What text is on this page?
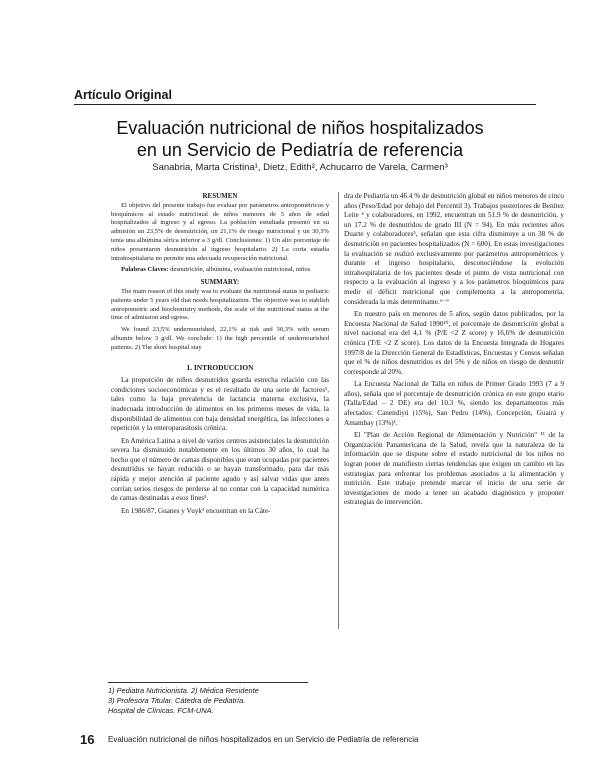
Artículo Original
Evaluación nutricional de niños hospitalizados
en un Servicio de Pediatría de referencia
Sanabria, Marta Cristina¹, Dietz, Edith², Achucarro de Varela, Carmen³

RESUMEN

El objetivo del presente trabajo fue evaluar por parámetros antropométricos y bioquímicos al estado nutricional de niños menores de 5 años de edad hospitalizados al ingreso y al egreso. La población estudiada presentó en su admisión un 23,5% de desnutrición, un 21,1% de riesgo nutricional y un 30,3% tenía una albúmina sérica inferior a 3 g/dl. Conclusiones: 1) Un alto porcentaje de niños presentaron desnutrición al ingreso hospitalario. 2) La corta estadía intrahospitalaria no permite una adecuada recuperación nutricional.

Palabras Claves: desnutrición, albúmina, evaluación nutricional, niños

SUMMARY:

The main reason of this study was to evaluate the nutritional status in pediatric patients under 5 years old that needs hospitalization. The objective was to stablish antropometric and biochemistry methods, the scale of the nutritional status at the time of admission and egress.

We found 23,5% undernourished, 22,1% at risk and 30,3% with serum albumin below 3 g/dl. We conclude: 1) the high percentile of undernourished patients. 2) The short hospital stay

1. INTRODUCCION

La proporción de niños desnutridos guarda estrecha relación con las condiciones socioeconómicas y es el resultado de una serie de factores¹, tales como la baja prevalencia de lactancia materna exclusiva, la inadecuada introducción de alimentos en los primeros meses de vida, la disponibilidad de alimentos con baja densidad energética, las infecciones a repetición y la enteroparasitosis crónica.

En América Latina a nivel de varios centros asistenciales la desnutrición severa ha disminuido notablemente en los últimos 30 años, lo cual ha hecho que el número de camas disponibles que eran ocupadas por pacientes desnutridos se hayan reducido o se hayan transformado, para dar más rápida y mejor atención al paciente agudo y así salvar vidas que antes corrían serios riesgos de perderse al no contar con la capacidad numérica de camas destinadas a esos fines².

En 1986/87, Guanes y Vuyk³ encuentran en la Cáte-

dra de Pediatría un 46.4 % de desnutrición global en niños menores de cinco años (Peso/Edad por debajo del Percentil 3). Trabajos posteriores de Benítez Leite ⁴ y colaboradores, en 1992, encuentran un 51.9 % de desnutrición, y un 17.2 % de desnutridos de grado III (N = 94). En más recientes años Duarte y colaboradores⁵, señalan que esta cifra disminuye a un 38 % de desnutrición en pacientes hospitalizados (N = 600). En estas investigaciones la evaluación se realizó exclusivamente por parámetros antropométricos y durante el ingreso hospitalario, desconociéndose la evolución intrahospitalaria de los pacientes desde el punto de vista nutricional con respecto a la evaluación al ingreso y a los parámetros bioquímicos para medir el déficit nutricional que complementa a la antropometría, considerada la más determinante.⁶⁻⁹

En nuestro país en menores de 5 años, según datos publicados, por la Encuesta Nacional de Salud 1990¹⁰, el porcentaje de desnutrición global a nivel nacional era del 4,1 % (P/E <2 Z score) y 16,6% de desnutrición crónica (T/E <2 Z score). Los datos de la Encuesta Integrada de Hogares 1997/8 de la Dirección General de Estadísticas, Encuestas y Censos señalan que el % de niños desnutridos es del 5% y de niños en riesgo de desnutrir corresponde al 20%.

La Encuesta Nacional de Talla en niños de Primer Grado 1993 (7 a 9 años), señala que el porcentaje de desnutrición crónica en este grupo etario (Talla/Edad – 2 DE) era del 10.3 %, siendo los departamentos más afectados: Canendiyú (15%), San Pedro (14%), Concepción, Guairá y Amambay (13%)¹.

El "Plan de Acción Regional de Alimentación y Nutrición" ¹¹ de la Organización Panamericana de la Salud, revela que la naturaleza de la información que se dispone sobre el estado nutricional de los niños no logran poner de manifiesto ciertas tendencias que exigen un cambio en las estrategias para enfrentar los problemas asociados a la alimentación y nutrición. Este trabajo pretende marcar el inicio de una serie de investigaciones de modo a tener un acabado diagnóstico y proponer estrategias de intervención.

1) Pediatra Nutricionista. 2) Médica Residente
3) Profesora Titular. Cátedra de Pediatría.
Hospital de Clínicas. FCM-UNA.
16 Evaluación nutricional de niños hospitalizados en un Servicio de Pediatría de referencia
